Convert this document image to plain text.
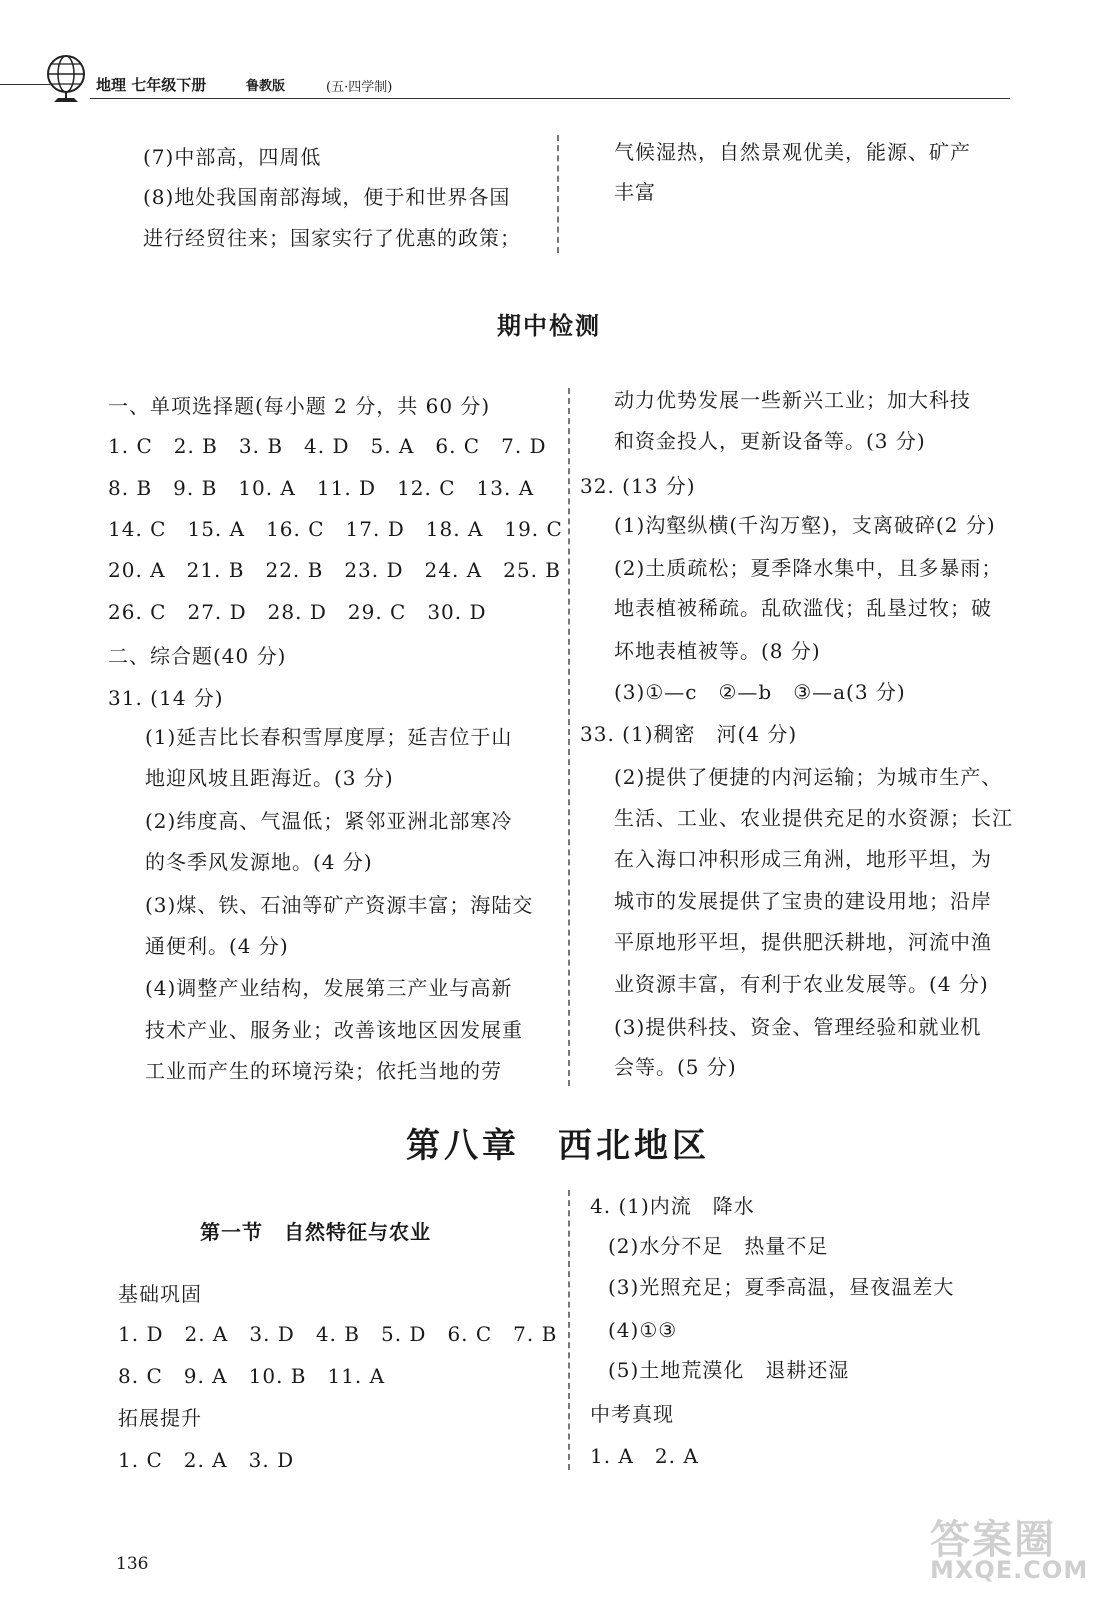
地理 七年级下册	鲁教版	(五·四学制)
(7)中部高，四周低
(8)地处我国南部海域，便于和世界各国
进行经贸往来；国家实行了优惠的政策；
气候湿热，自然景观优美，能源、矿产
丰富
期中检测
一、单项选择题(每小题 2 分，共 60 分)
1. C　2. B　3. B　4. D　5. A　6. C　7. D
8. B　9. B　10. A　11. D　12. C　13. A
14. C　15. A　16. C　17. D　18. A　19. C
20. A　21. B　22. B　23. D　24. A　25. B
26. C　27. D　28. D　29. C　30. D
二、综合题(40 分)
31. (14 分)
(1)延吉比长春积雪厚度厚；延吉位于山
地迎风坡且距海近。(3 分)
(2)纬度高、气温低；紧邻亚洲北部寒冷
的冬季风发源地。(4 分)
(3)煤、铁、石油等矿产资源丰富；海陆交
通便利。(4 分)
(4)调整产业结构，发展第三产业与高新
技术产业、服务业；改善该地区因发展重
工业而产生的环境污染；依托当地的劳
动力优势发展一些新兴工业；加大科技
和资金投人，更新设备等。(3 分)
32. (13 分)
(1)沟壑纵横(千沟万壑)，支离破碎(2 分)
(2)土质疏松；夏季降水集中，且多暴雨；
地表植被稀疏。乱砍滥伐；乱垦过牧；破
坏地表植被等。(8 分)
(3)①—c　②—b　③—a(3 分)
33. (1)稠密　河(4 分)
(2)提供了便捷的内河运输；为城市生产、
生活、工业、农业提供充足的水资源；长江
在入海口冲积形成三角洲，地形平坦，为
城市的发展提供了宝贵的建设用地；沿岸
平原地形平坦，提供肥沃耕地，河流中渔
业资源丰富，有利于农业发展等。(4 分)
(3)提供科技、资金、管理经验和就业机
会等。(5 分)
第八章　西北地区
第一节　自然特征与农业
基础巩固
1. D　2. A　3. D　4. B　5. D　6. C　7. B
8. C　9. A　10. B　11. A
拓展提升
1. C　2. A　3. D
4. (1)内流　降水
(2)水分不足　热量不足
(3)光照充足；夏季高温，昼夜温差大
(4)①③
(5)土地荒漠化　退耕还湿
中考真现
1. A　2. A
136
答案圈
MXQE.COM
